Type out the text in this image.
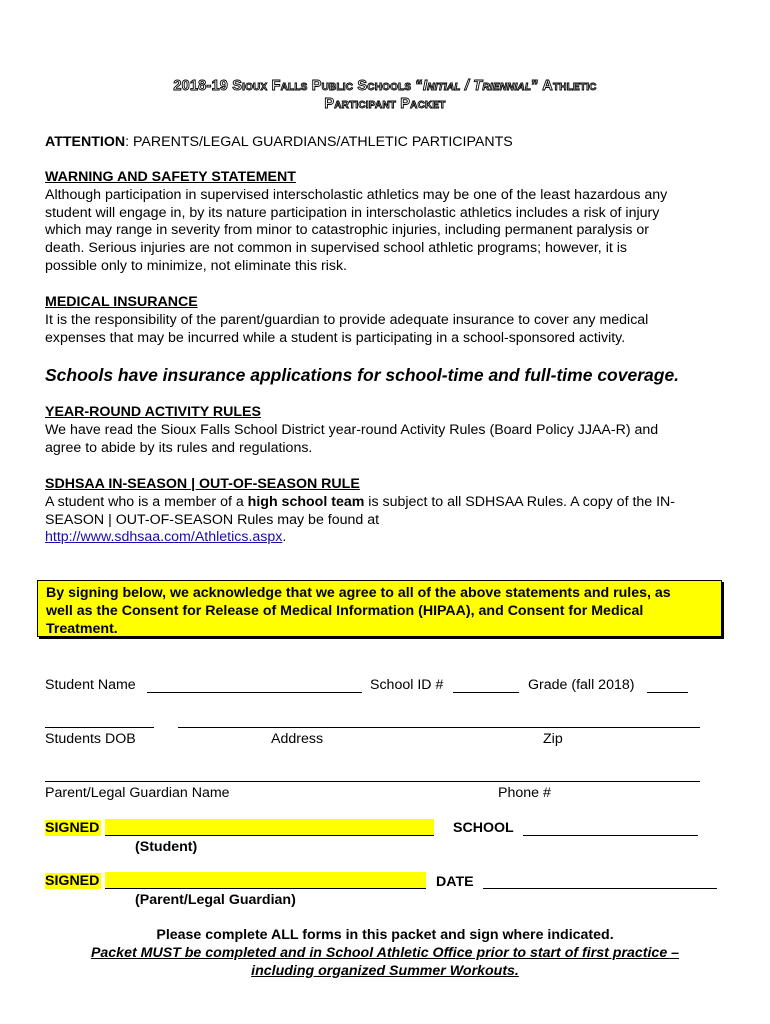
2018-19 Sioux Falls Public Schools “Initial / Triennial” Athletic
Participant Packet
ATTENTION: PARENTS/LEGAL GUARDIANS/ATHLETIC PARTICIPANTS
WARNING AND SAFETY STATEMENT
Although participation in supervised interscholastic athletics may be one of the least hazardous any
student will engage in, by its nature participation in interscholastic athletics includes a risk of injury
which may range in severity from minor to catastrophic injuries, including permanent paralysis or
death. Serious injuries are not common in supervised school athletic programs; however, it is
possible only to minimize, not eliminate this risk.
MEDICAL INSURANCE
It is the responsibility of the parent/guardian to provide adequate insurance to cover any medical
expenses that may be incurred while a student is participating in a school-sponsored activity.
Schools have insurance applications for school-time and full-time coverage.
YEAR-ROUND ACTIVITY RULES
We have read the Sioux Falls School District year-round Activity Rules (Board Policy JJAA-R) and
agree to abide by its rules and regulations.
SDHSAA IN-SEASON | OUT-OF-SEASON RULE
A student who is a member of a high school team is subject to all SDHSAA Rules. A copy of the IN-
SEASON | OUT-OF-SEASON Rules may be found at
http://www.sdhsaa.com/Athletics.aspx.
By signing below, we acknowledge that we agree to all of the above statements and rules, as
well as the Consent for Release of Medical Information (HIPAA), and Consent for Medical
Treatment.
Student Name	School ID #	Grade (fall 2018)
Students DOB	Address	Zip
Parent/Legal Guardian Name	Phone #
SIGNED	SCHOOL
(Student)
SIGNED	DATE
(Parent/Legal Guardian)
Please complete ALL forms in this packet and sign where indicated.
Packet MUST be completed and in School Athletic Office prior to start of first practice –
including organized Summer Workouts.
